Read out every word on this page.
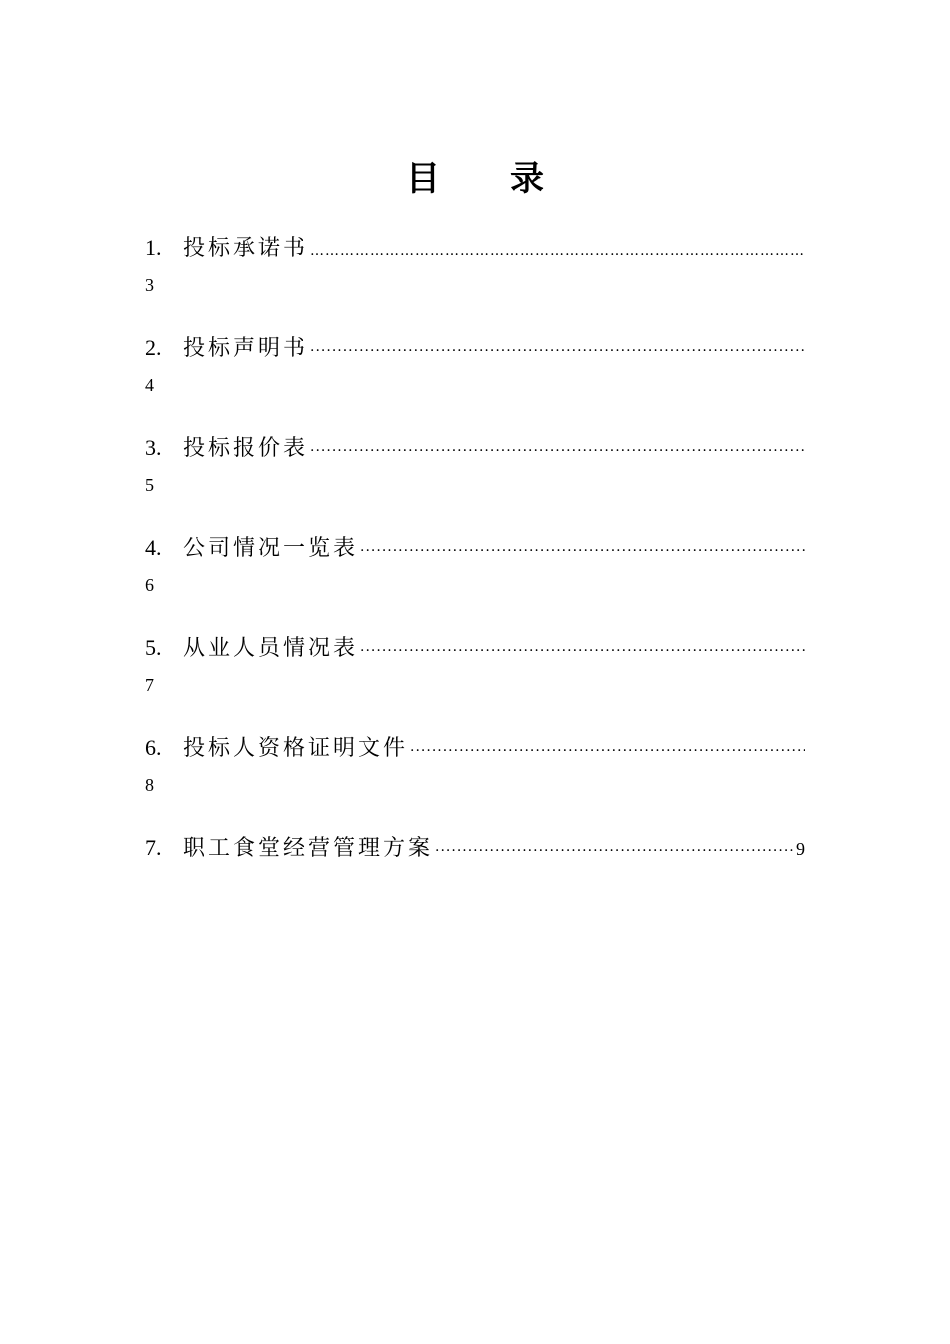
目 录
1. 投标承诺书
……………………………………………………………………………………………………………………………………………………………………………………
3
2. 投标声明书
·····
4
3. 投标报价表
·····
5
4. 公司情况一览表
·····
6
5. 从业人员情况表
·····
7
6. 投标人资格证明文件
·····
8
7. 职工食堂经营管理方案
·····	9
